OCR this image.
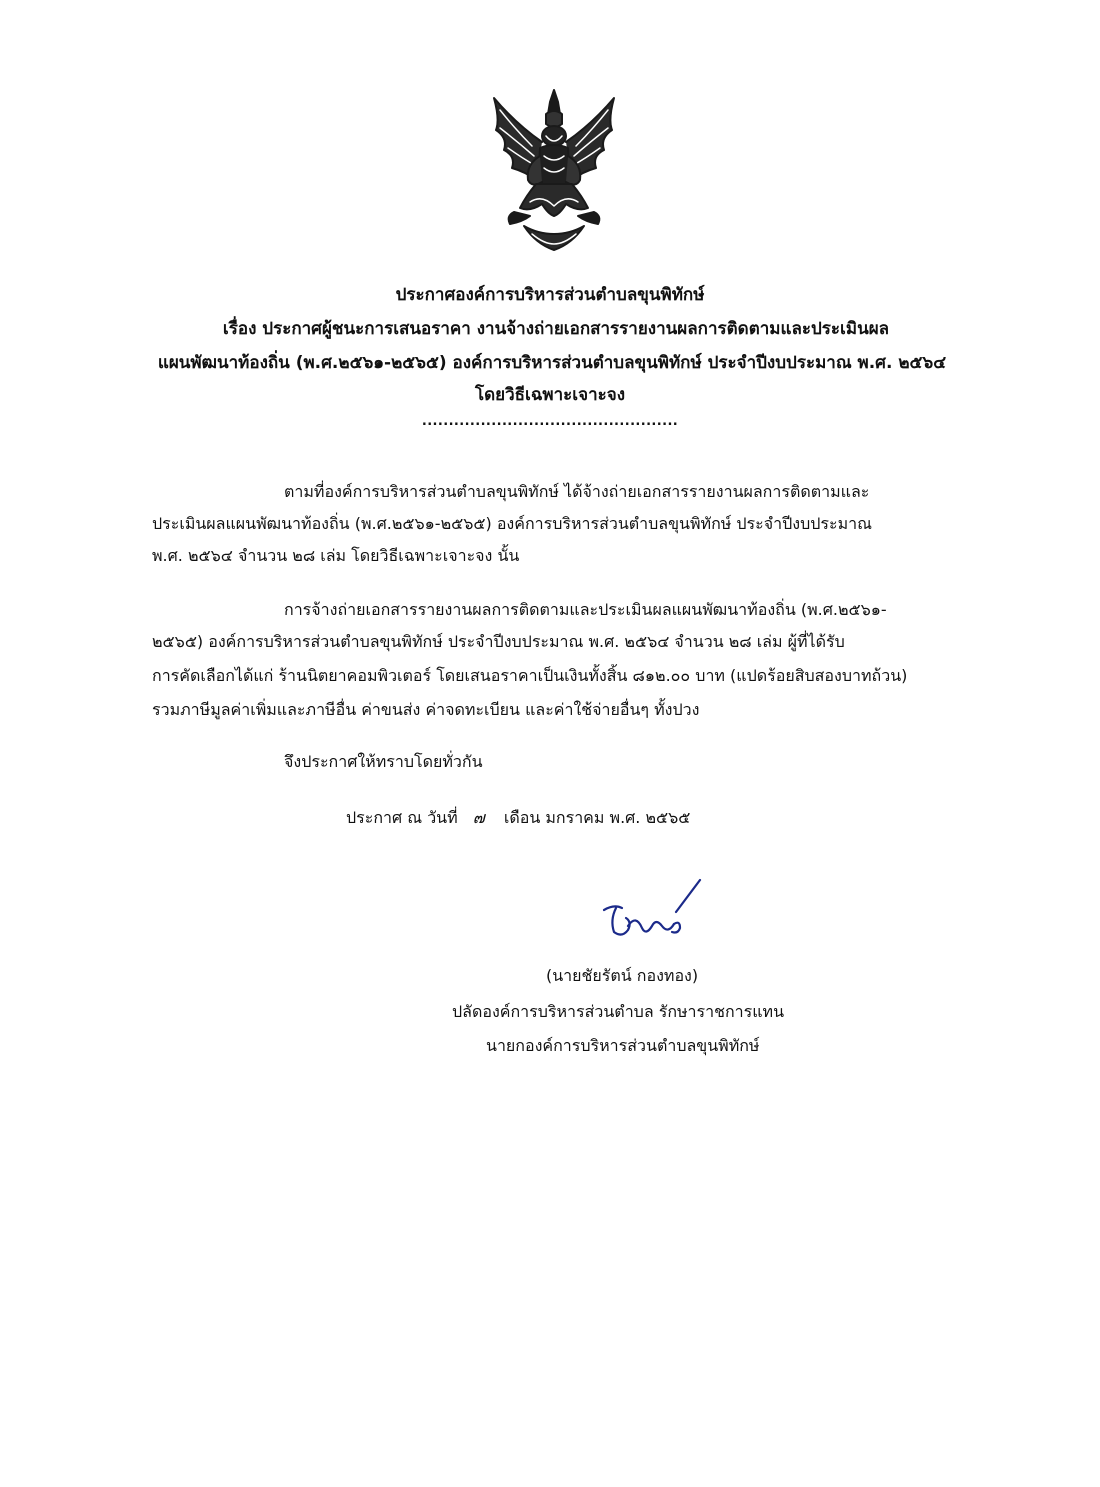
ประกาศองค์การบริหารส่วนตำบลขุนพิทักษ์
เรื่อง ประกาศผู้ชนะการเสนอราคา งานจ้างถ่ายเอกสารรายงานผลการติดตามและประเมินผล
แผนพัฒนาท้องถิ่น (พ.ศ.๒๕๖๑-๒๕๖๕) องค์การบริหารส่วนตำบลขุนพิทักษ์ ประจำปีงบประมาณ พ.ศ. ๒๕๖๔
โดยวิธีเฉพาะเจาะจง
................................................
ตามที่องค์การบริหารส่วนตำบลขุนพิทักษ์ ได้จ้างถ่ายเอกสารรายงานผลการติดตามและ
ประเมินผลแผนพัฒนาท้องถิ่น (พ.ศ.๒๕๖๑-๒๕๖๕) องค์การบริหารส่วนตำบลขุนพิทักษ์ ประจำปีงบประมาณ
พ.ศ. ๒๕๖๔ จำนวน ๒๘ เล่ม โดยวิธีเฉพาะเจาะจง นั้น
การจ้างถ่ายเอกสารรายงานผลการติดตามและประเมินผลแผนพัฒนาท้องถิ่น (พ.ศ.๒๕๖๑-
๒๕๖๕) องค์การบริหารส่วนตำบลขุนพิทักษ์ ประจำปีงบประมาณ พ.ศ. ๒๕๖๔ จำนวน ๒๘ เล่ม ผู้ที่ได้รับ
การคัดเลือกได้แก่ ร้านนิตยาคอมพิวเตอร์ โดยเสนอราคาเป็นเงินทั้งสิ้น ๘๑๒.๐๐ บาท (แปดร้อยสิบสองบาทถ้วน)
รวมภาษีมูลค่าเพิ่มและภาษีอื่น ค่าขนส่ง ค่าจดทะเบียน และค่าใช้จ่ายอื่นๆ ทั้งปวง
จึงประกาศให้ทราบโดยทั่วกัน
ประกาศ ณ วันที่ ๗ เดือน มกราคม พ.ศ. ๒๕๖๕
(นายชัยรัตน์ กองทอง)
ปลัดองค์การบริหารส่วนตำบล รักษาราชการแทน
นายกองค์การบริหารส่วนตำบลขุนพิทักษ์
